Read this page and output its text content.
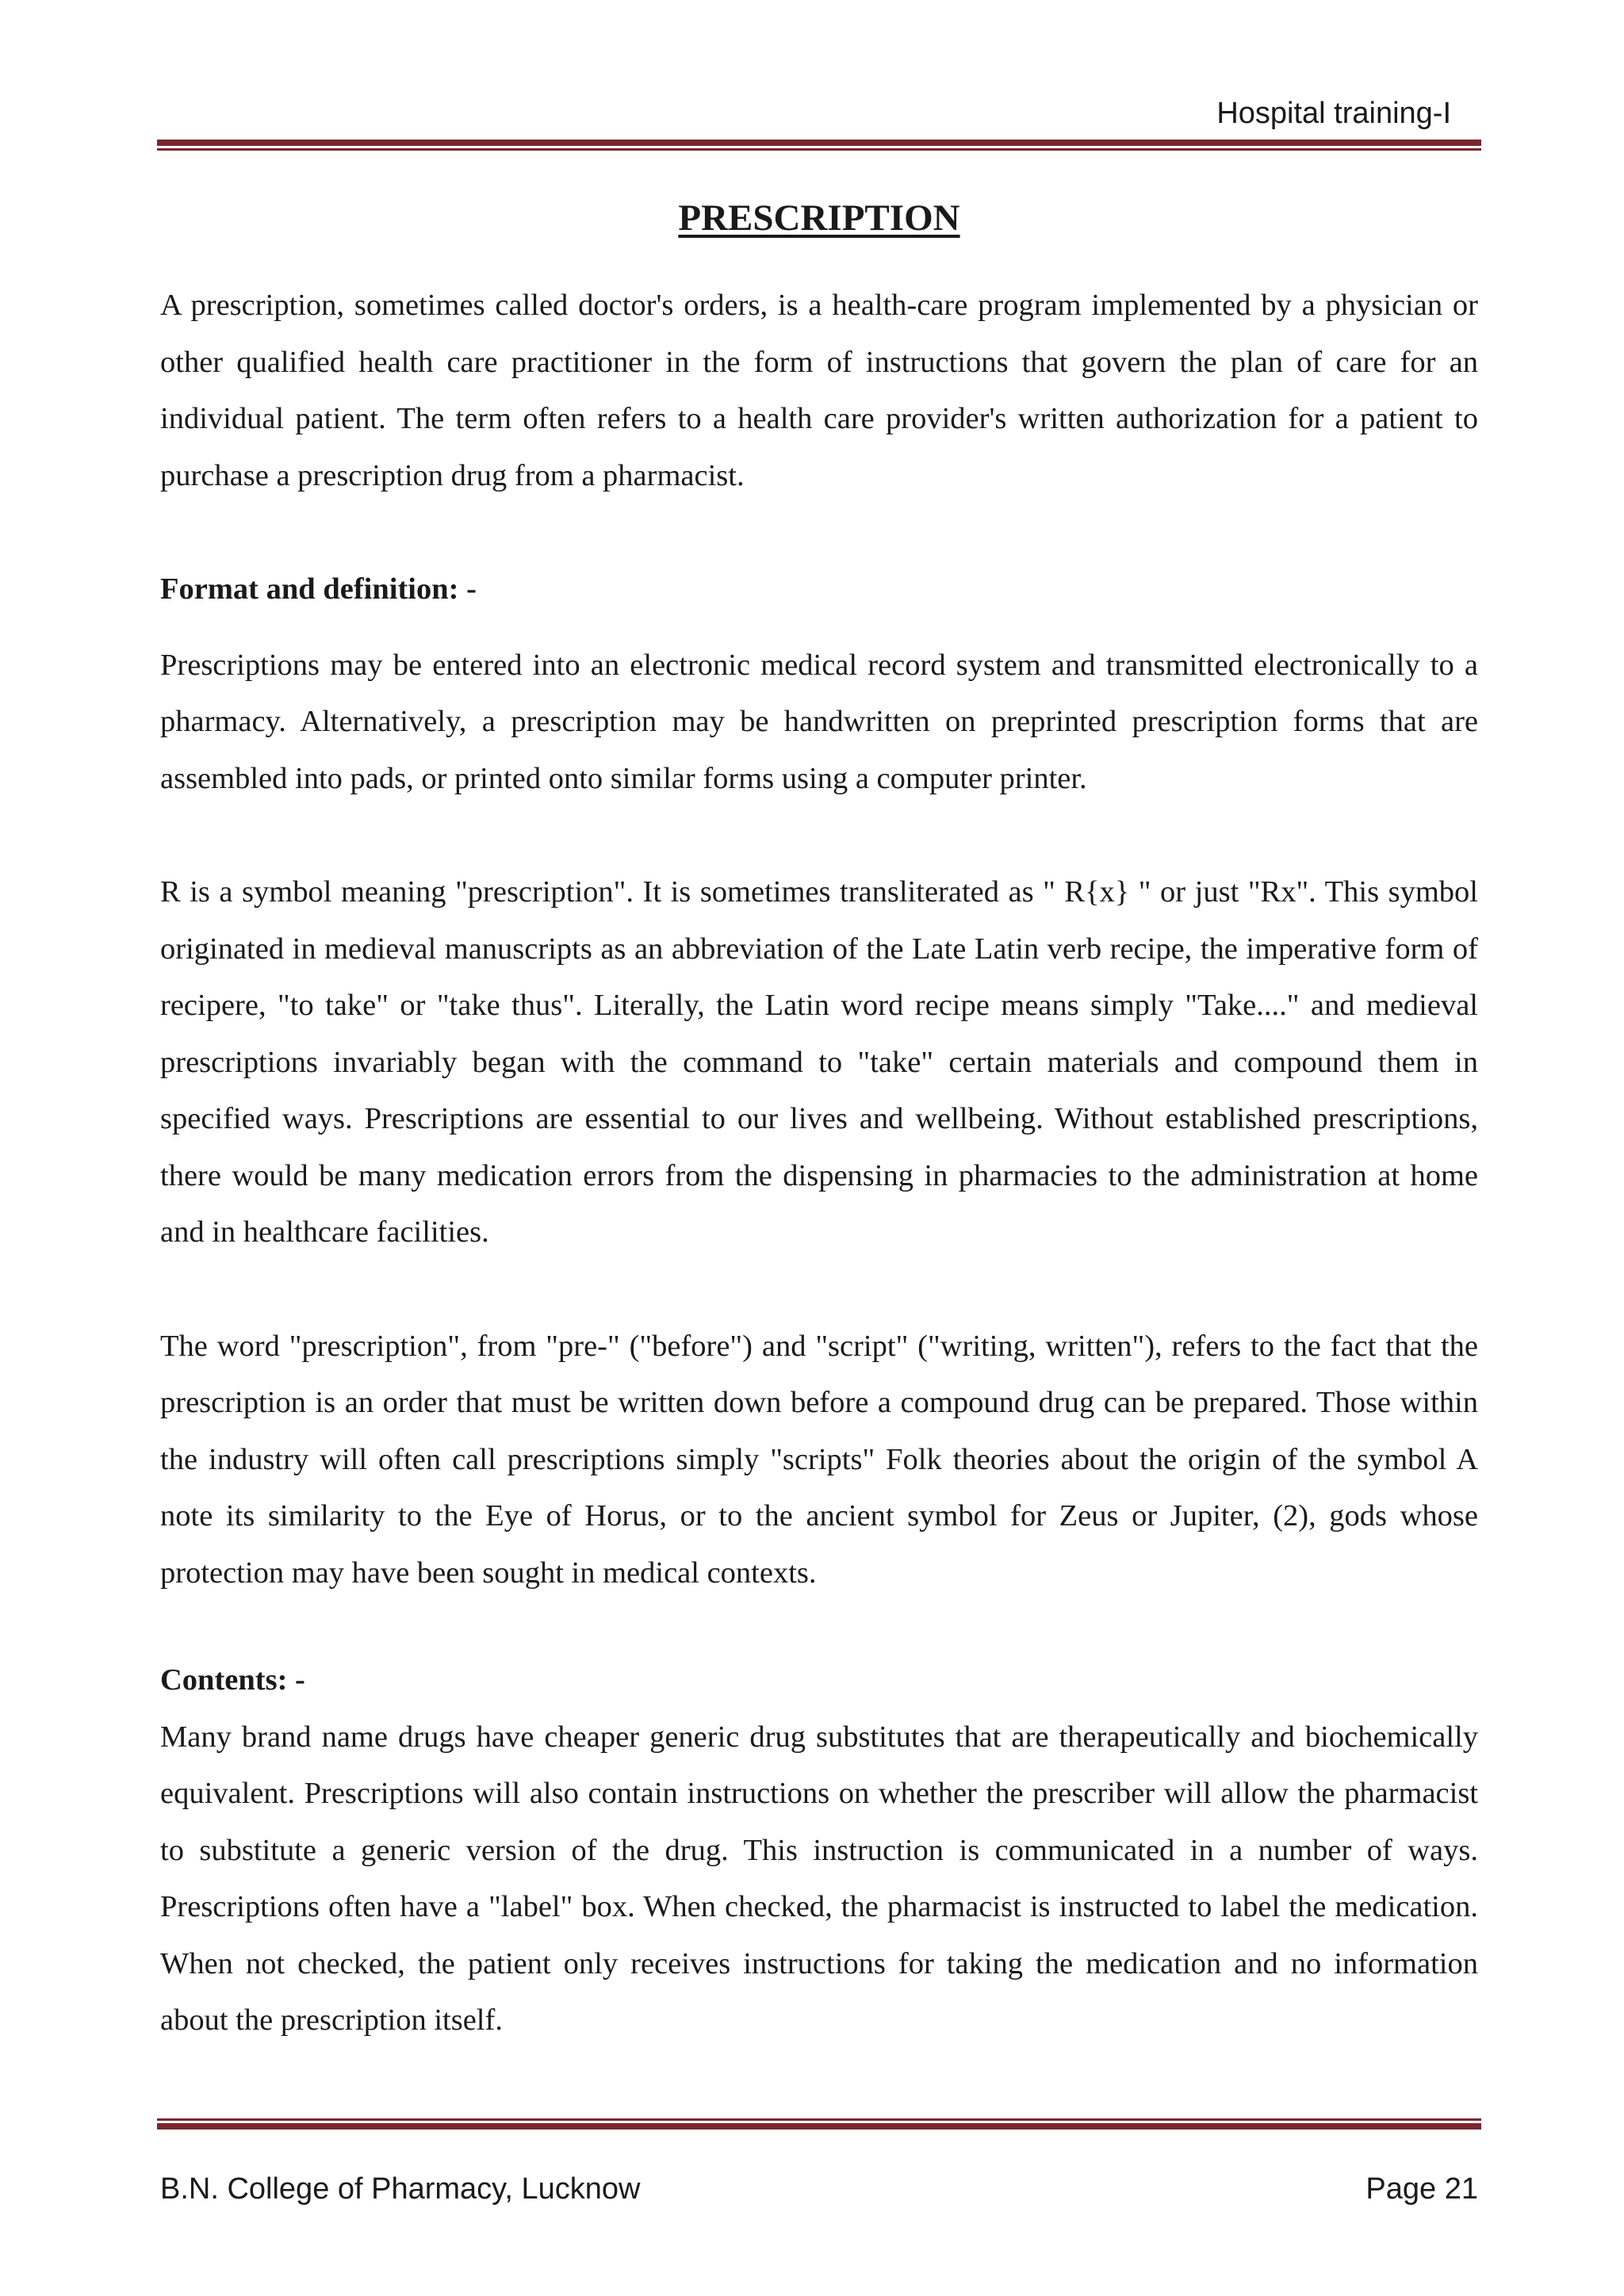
Hospital training-I
PRESCRIPTION

A prescription, sometimes called doctor's orders, is a health-care program implemented by a physician or other qualified health care practitioner in the form of instructions that govern the plan of care for an individual patient. The term often refers to a health care provider's written authorization for a patient to purchase a prescription drug from a pharmacist.

Format and definition: -

Prescriptions may be entered into an electronic medical record system and transmitted electronically to a pharmacy. Alternatively, a prescription may be handwritten on preprinted prescription forms that are assembled into pads, or printed onto similar forms using a computer printer.

R is a symbol meaning "prescription". It is sometimes transliterated as " R{x} " or just "Rx". This symbol originated in medieval manuscripts as an abbreviation of the Late Latin verb recipe, the imperative form of recipere, "to take" or "take thus". Literally, the Latin word recipe means simply "Take...." and medieval prescriptions invariably began with the command to "take" certain materials and compound them in specified ways. Prescriptions are essential to our lives and wellbeing. Without established prescriptions, there would be many medication errors from the dispensing in pharmacies to the administration at home and in healthcare facilities.

The word "prescription", from "pre-" ("before") and "script" ("writing, written"), refers to the fact that the prescription is an order that must be written down before a compound drug can be prepared. Those within the industry will often call prescriptions simply "scripts" Folk theories about the origin of the symbol A note its similarity to the Eye of Horus, or to the ancient symbol for Zeus or Jupiter, (2), gods whose protection may have been sought in medical contexts.

Contents: -

Many brand name drugs have cheaper generic drug substitutes that are therapeutically and biochemically equivalent. Prescriptions will also contain instructions on whether the prescriber will allow the pharmacist to substitute a generic version of the drug. This instruction is communicated in a number of ways. Prescriptions often have a "label" box. When checked, the pharmacist is instructed to label the medication. When not checked, the patient only receives instructions for taking the medication and no information about the prescription itself.

B.N. College of Pharmacy, Lucknow	Page 21
